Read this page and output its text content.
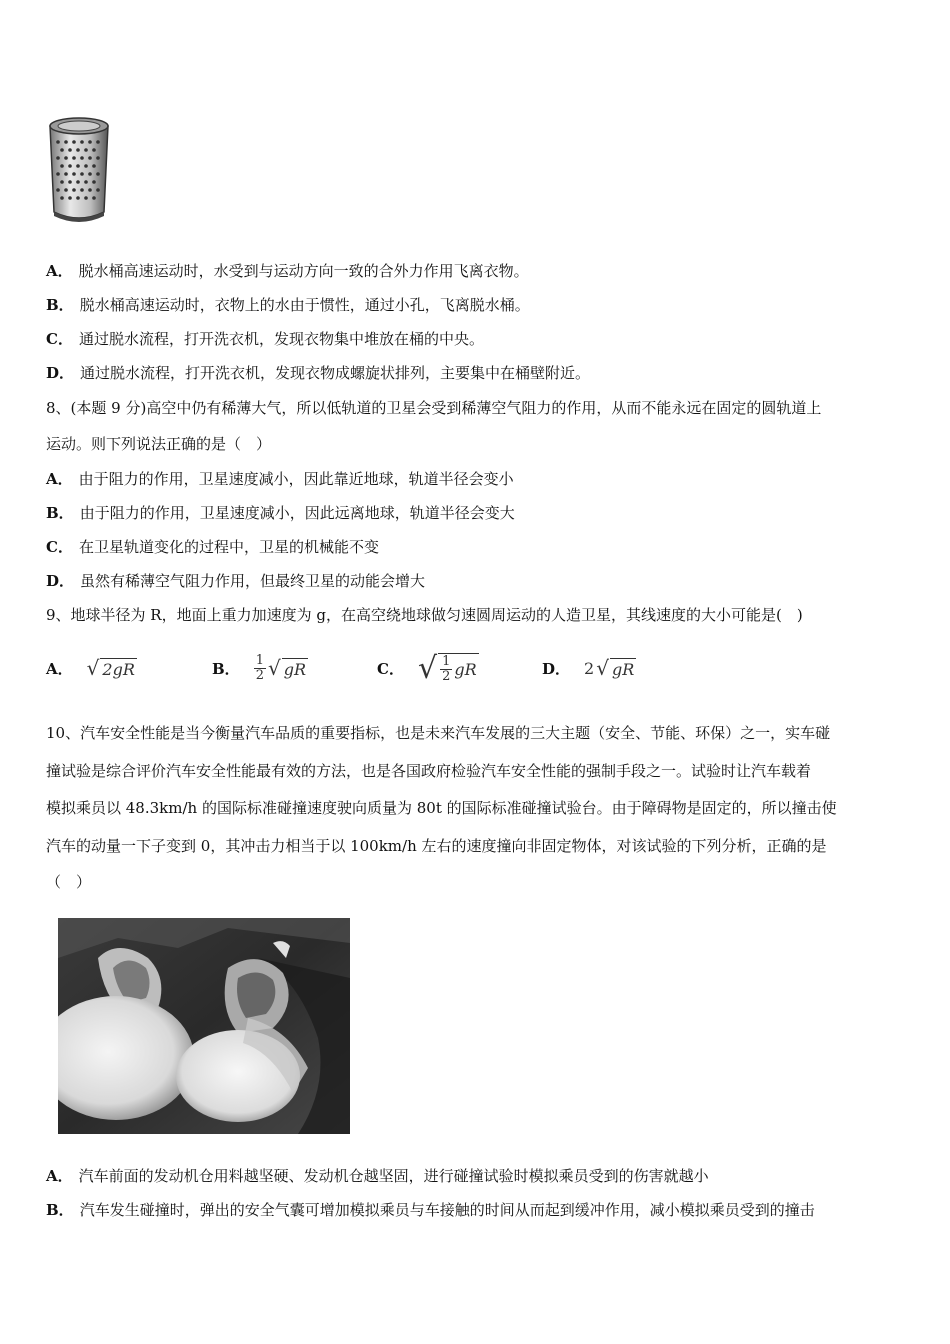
A． 脱水桶高速运动时，水受到与运动方向一致的合外力作用飞离衣物。
B． 脱水桶高速运动时，衣物上的水由于惯性，通过小孔，飞离脱水桶。
C． 通过脱水流程，打开洗衣机，发现衣物集中堆放在桶的中央。
D． 通过脱水流程，打开洗衣机，发现衣物成螺旋状排列，主要集中在桶壁附近。
8、(本题 9 分)高空中仍有稀薄大气，所以低轨道的卫星会受到稀薄空气阻力的作用，从而不能永远在固定的圆轨道上
运动。则下列说法正确的是（　）
A． 由于阻力的作用，卫星速度减小，因此靠近地球，轨道半径会变小
B． 由于阻力的作用，卫星速度减小，因此远离地球，轨道半径会变大
C． 在卫星轨道变化的过程中，卫星的机械能不变
D． 虽然有稀薄空气阻力作用，但最终卫星的动能会增大
9、地球半径为 R，地面上重力加速度为 g，在高空绕地球做匀速圆周运动的人造卫星，其线速度的大小可能是(　)
A． √ 2gR	B． $\frac{1}{2}$ √ gR	C． √ $\frac{1}{2}$ gR	D． 2 √ gR
10、汽车安全性能是当今衡量汽车品质的重要指标，也是未来汽车发展的三大主题（安全、节能、环保）之一，实车碰
撞试验是综合评价汽车安全性能最有效的方法，也是各国政府检验汽车安全性能的强制手段之一。试验时让汽车载着
模拟乘员以 48.3km/h 的国际标准碰撞速度驶向质量为 80t 的国际标准碰撞试验台。由于障碍物是固定的，所以撞击使
汽车的动量一下子变到 0，其冲击力相当于以 100km/h 左右的速度撞向非固定物体，对该试验的下列分析，正确的是
（　）
A． 汽车前面的发动机仓用料越坚硬、发动机仓越坚固，进行碰撞试验时模拟乘员受到的伤害就越小
B． 汽车发生碰撞时，弹出的安全气囊可增加模拟乘员与车接触的时间从而起到缓冲作用，减小模拟乘员受到的撞击
